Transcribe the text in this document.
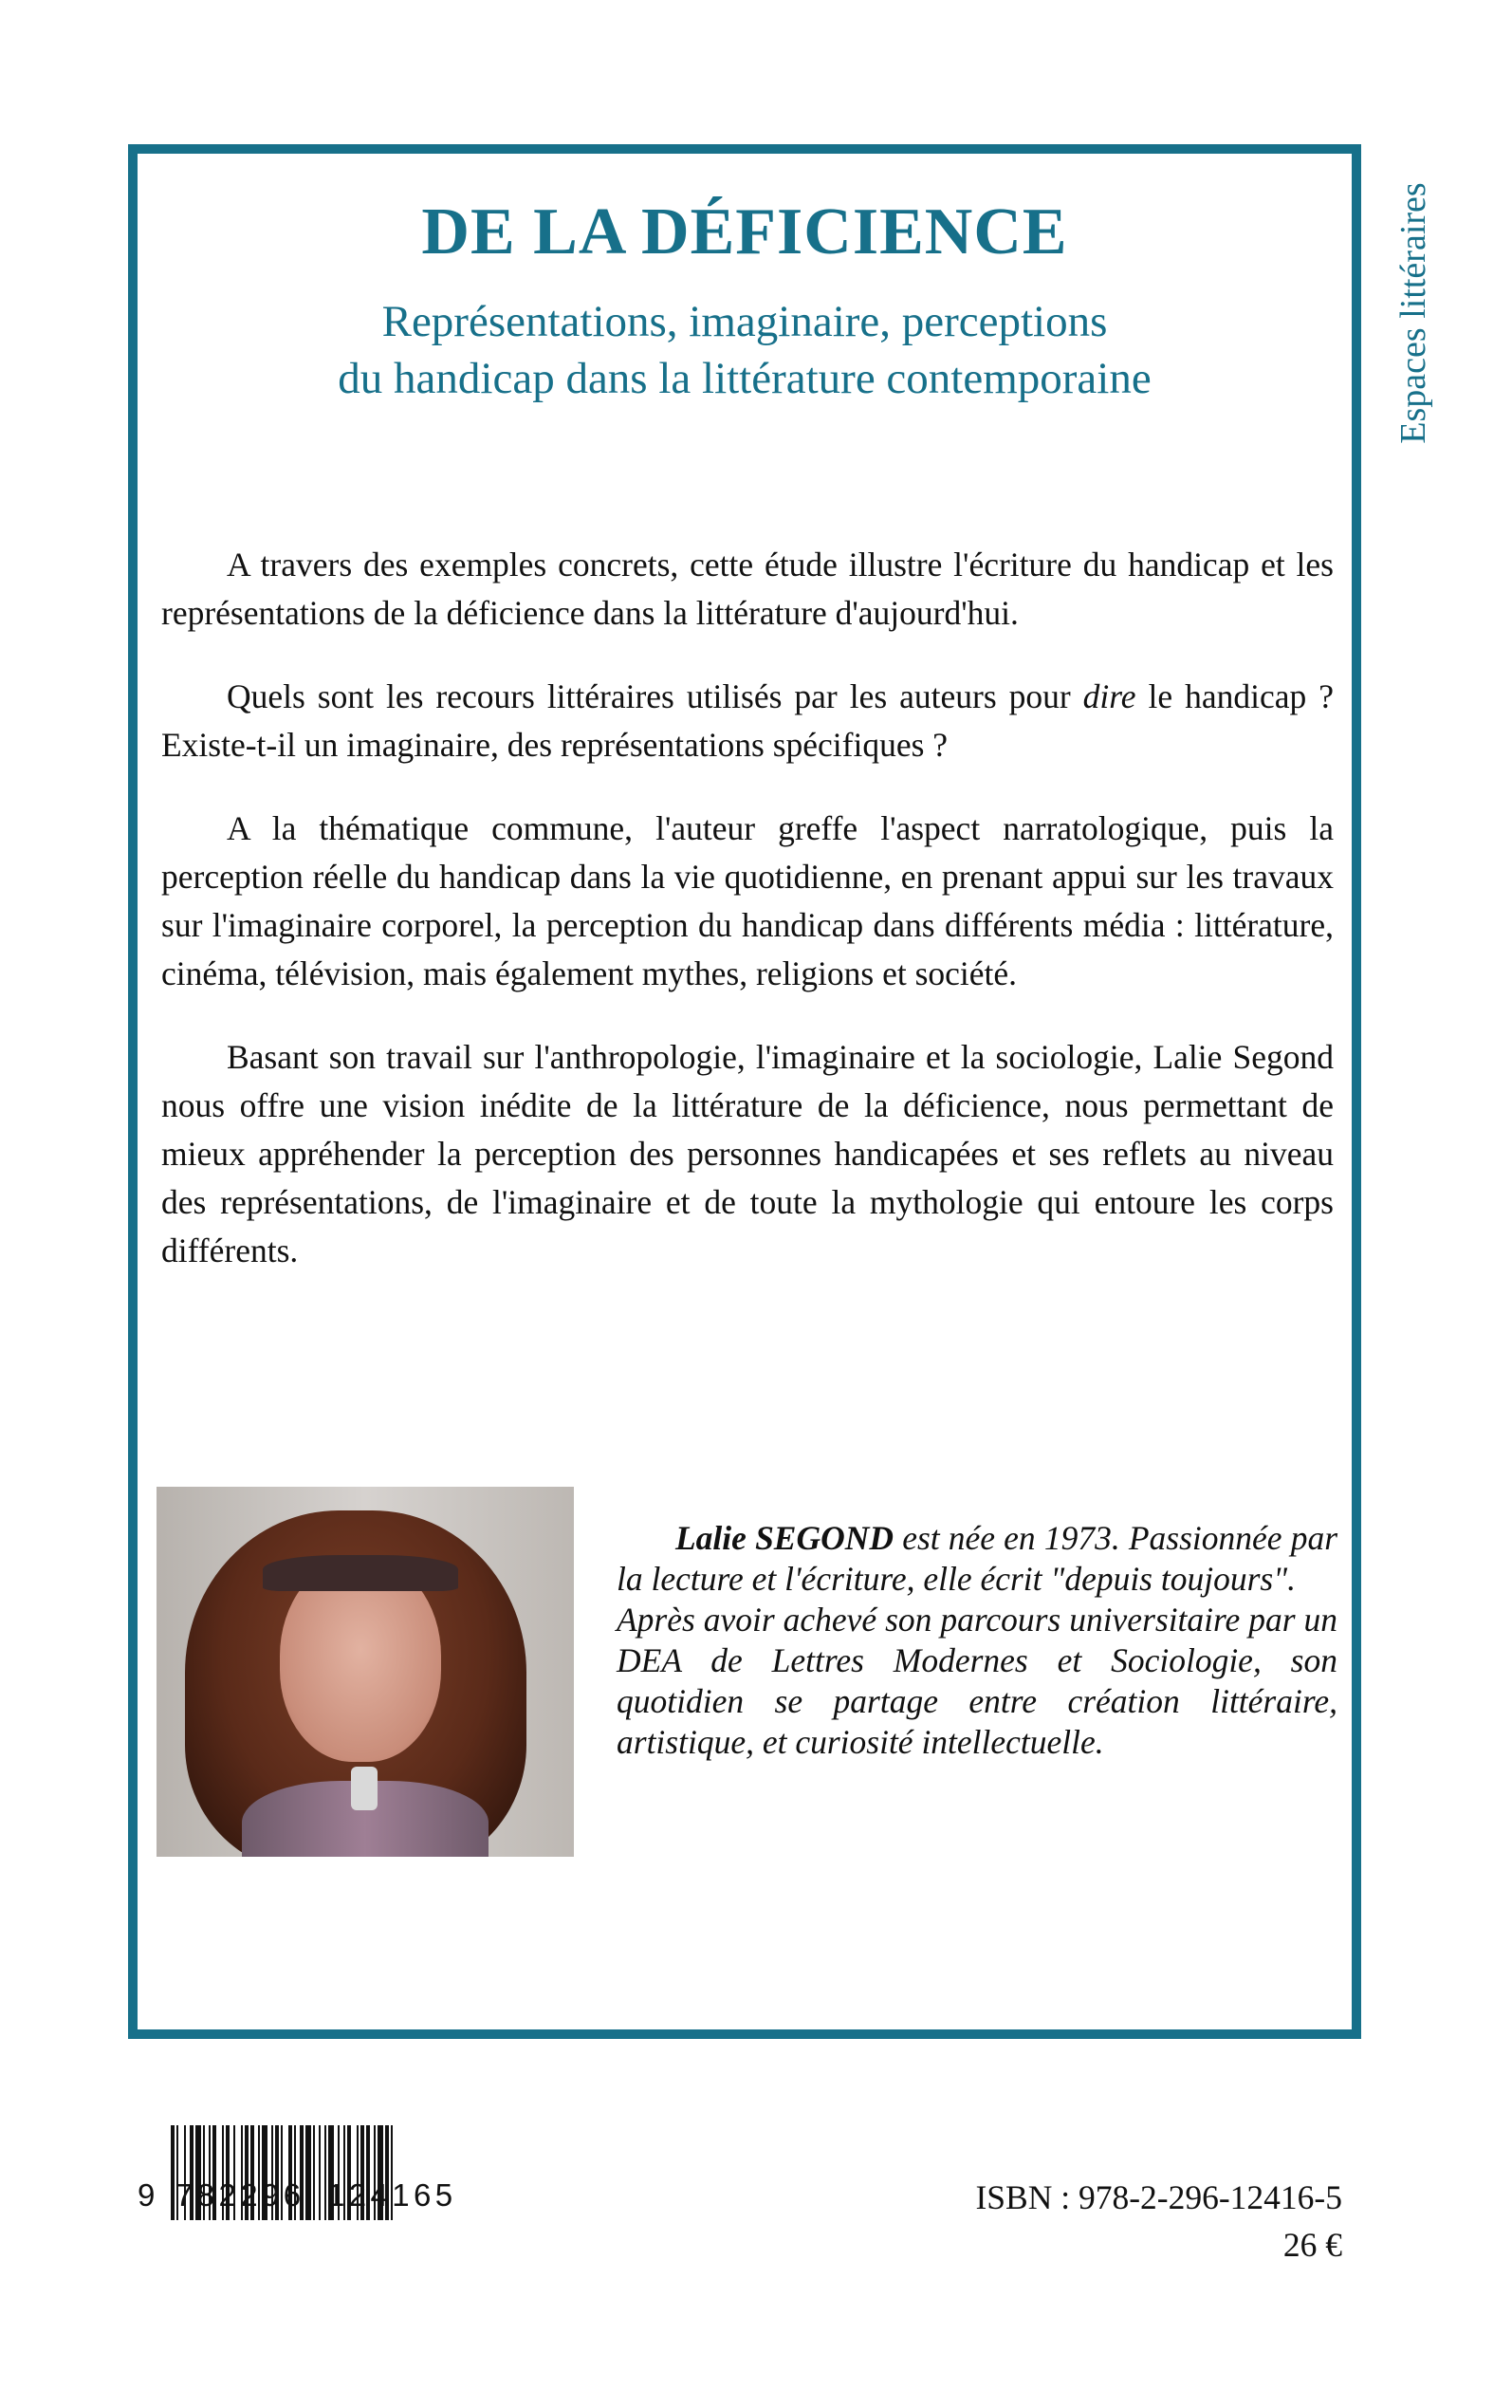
Espaces littéraires
DE LA DÉFICIENCE
Représentations, imaginaire, perceptions
du handicap dans la littérature contemporaine

A travers des exemples concrets, cette étude illustre l'écriture du handicap et les représentations de la déficience dans la littérature d'aujourd'hui.

Quels sont les recours littéraires utilisés par les auteurs pour dire le handicap ? Existe-t-il un imaginaire, des représentations spécifiques ?

A la thématique commune, l'auteur greffe l'aspect narratologique, puis la perception réelle du handicap dans la vie quotidienne, en prenant appui sur les travaux sur l'imaginaire corporel, la perception du handicap dans différents média : littérature, cinéma, télévision, mais également mythes, religions et société.

Basant son travail sur l'anthropologie, l'imaginaire et la sociologie, Lalie Segond nous offre une vision inédite de la littérature de la déficience, nous permettant de mieux appréhender la perception des personnes handicapées et ses reflets au niveau des représentations, de l'imaginaire et de toute la mythologie qui entoure les corps différents.

Lalie SEGOND est née en 1973. Passionnée par la lecture et l'écriture, elle écrit "depuis toujours".

Après avoir achevé son parcours universitaire par un DEA de Lettres Modernes et Sociologie, son quotidien se partage entre création littéraire, artistique, et curiosité intellectuelle.

9 782296 124165	ISBN : 978-2-296-12416-5
26 €
